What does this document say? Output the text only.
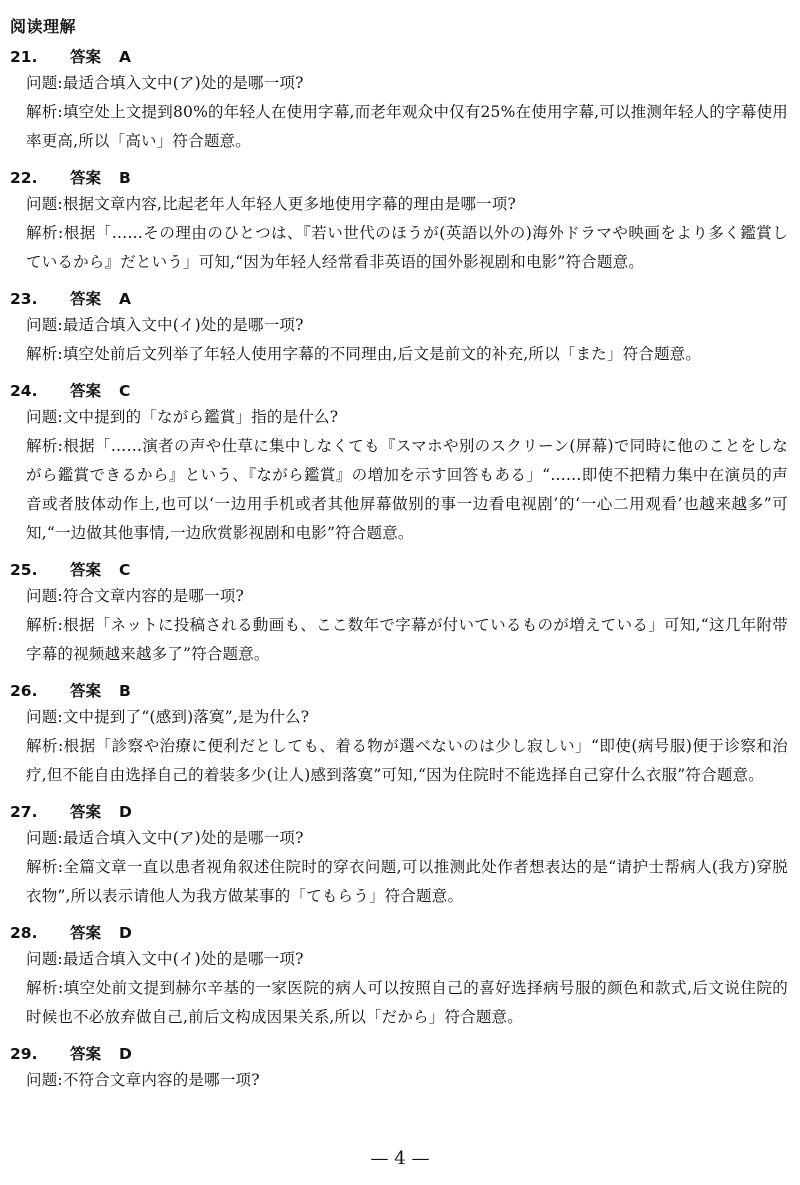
阅读理解
21. 答案 A
问题:最适合填入文中(ア)处的是哪一项?
解析:填空处上文提到80%的年轻人在使用字幕,而老年观众中仅有25%在使用字幕,可以推测年轻人的字幕使用率更高,所以「高い」符合题意。
22. 答案 B
问题:根据文章内容,比起老年人年轻人更多地使用字幕的理由是哪一项?
解析:根据「……その理由のひとつは、『若い世代のほうが(英語以外の)海外ドラマや映画をより多く鑑賞しているから』だという」可知,“因为年轻人经常看非英语的国外影视剧和电影”符合题意。
23. 答案 A
问题:最适合填入文中(イ)处的是哪一项?
解析:填空处前后文列举了年轻人使用字幕的不同理由,后文是前文的补充,所以「また」符合题意。
24. 答案 C
问题:文中提到的「ながら鑑賞」指的是什么?
解析:根据「……演者の声や仕草に集中しなくても『スマホや別のスクリーン(屏幕)で同時に他のことをしながら鑑賞できるから』という、『ながら鑑賞』の増加を示す回答もある」“……即使不把精力集中在演员的声音或者肢体动作上,也可以‘一边用手机或者其他屏幕做别的事一边看电视剧’的‘一心二用观看’也越来越多”可知,“一边做其他事情,一边欣赏影视剧和电影”符合题意。
25. 答案 C
问题:符合文章内容的是哪一项?
解析:根据「ネットに投稿される動画も、ここ数年で字幕が付いているものが増えている」可知,“这几年附带字幕的视频越来越多了”符合题意。
26. 答案 B
问题:文中提到了“(感到)落寞”,是为什么?
解析:根据「診察や治療に便利だとしても、着る物が選べないのは少し寂しい」“即使(病号服)便于诊察和治疗,但不能自由选择自己的着装多少(让人)感到落寞”可知,“因为住院时不能选择自己穿什么衣服”符合题意。
27. 答案 D
问题:最适合填入文中(ア)处的是哪一项?
解析:全篇文章一直以患者视角叙述住院时的穿衣问题,可以推测此处作者想表达的是“请护士帮病人(我方)穿脱衣物”,所以表示请他人为我方做某事的「てもらう」符合题意。
28. 答案 D
问题:最适合填入文中(イ)处的是哪一项?
解析:填空处前文提到赫尔辛基的一家医院的病人可以按照自己的喜好选择病号服的颜色和款式,后文说住院的时候也不必放弃做自己,前后文构成因果关系,所以「だから」符合题意。
29. 答案 D
问题:不符合文章内容的是哪一项?
— 4 —
